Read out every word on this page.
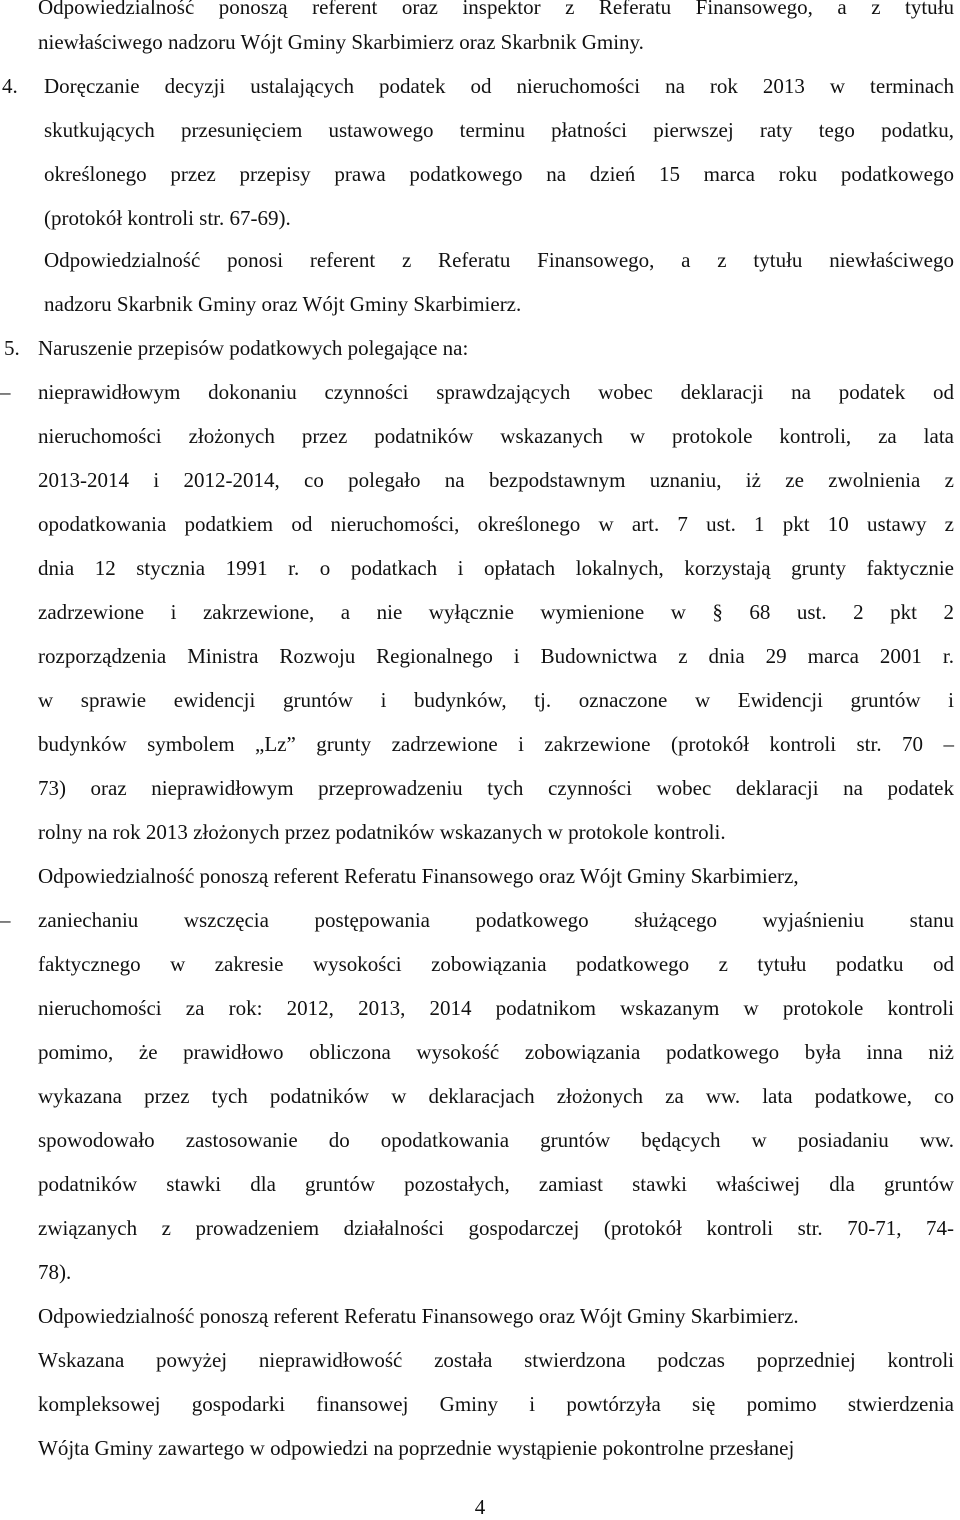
Odpowiedzialność ponoszą referent oraz inspektor z Referatu Finansowego, a z tytułu
niewłaściwego nadzoru Wójt Gminy Skarbimierz oraz Skarbnik Gminy.
4. Doręczanie decyzji ustalających podatek od nieruchomości na rok 2013 w terminach
skutkujących przesunięciem ustawowego terminu płatności pierwszej raty tego podatku,
określonego przez przepisy prawa podatkowego na dzień 15 marca roku podatkowego
(protokół kontroli str. 67-69).
Odpowiedzialność ponosi referent z Referatu Finansowego, a z tytułu niewłaściwego
nadzoru Skarbnik Gminy oraz Wójt Gminy Skarbimierz.
5. Naruszenie przepisów podatkowych polegające na:
– nieprawidłowym dokonaniu czynności sprawdzających wobec deklaracji na podatek od
nieruchomości złożonych przez podatników wskazanych w protokole kontroli, za lata
2013-2014 i 2012-2014, co polegało na bezpodstawnym uznaniu, iż ze zwolnienia z
opodatkowania podatkiem od nieruchomości, określonego w art. 7 ust. 1 pkt 10 ustawy z
dnia 12 stycznia 1991 r. o podatkach i opłatach lokalnych, korzystają grunty faktycznie
zadrzewione i zakrzewione, a nie wyłącznie wymienione w § 68 ust. 2 pkt 2
rozporządzenia Ministra Rozwoju Regionalnego i Budownictwa z dnia 29 marca 2001 r.
w sprawie ewidencji gruntów i budynków, tj. oznaczone w Ewidencji gruntów i
budynków symbolem „Lz” grunty zadrzewione i zakrzewione (protokół kontroli str. 70 –
73) oraz nieprawidłowym przeprowadzeniu tych czynności wobec deklaracji na podatek
rolny na rok 2013 złożonych przez podatników wskazanych w protokole kontroli.
Odpowiedzialność ponoszą referent Referatu Finansowego oraz Wójt Gminy Skarbimierz,
– zaniechaniu wszczęcia postępowania podatkowego służącego wyjaśnieniu stanu
faktycznego w zakresie wysokości zobowiązania podatkowego z tytułu podatku od
nieruchomości za rok: 2012, 2013, 2014 podatnikom wskazanym w protokole kontroli
pomimo, że prawidłowo obliczona wysokość zobowiązania podatkowego była inna niż
wykazana przez tych podatników w deklaracjach złożonych za ww. lata podatkowe, co
spowodowało zastosowanie do opodatkowania gruntów będących w posiadaniu ww.
podatników stawki dla gruntów pozostałych, zamiast stawki właściwej dla gruntów
związanych z prowadzeniem działalności gospodarczej (protokół kontroli str. 70-71, 74-
78).
Odpowiedzialność ponoszą referent Referatu Finansowego oraz Wójt Gminy Skarbimierz.
Wskazana powyżej nieprawidłowość została stwierdzona podczas poprzedniej kontroli
kompleksowej gospodarki finansowej Gminy i powtórzyła się pomimo stwierdzenia
Wójta Gminy zawartego w odpowiedzi na poprzednie wystąpienie pokontrolne przesłanej
4
